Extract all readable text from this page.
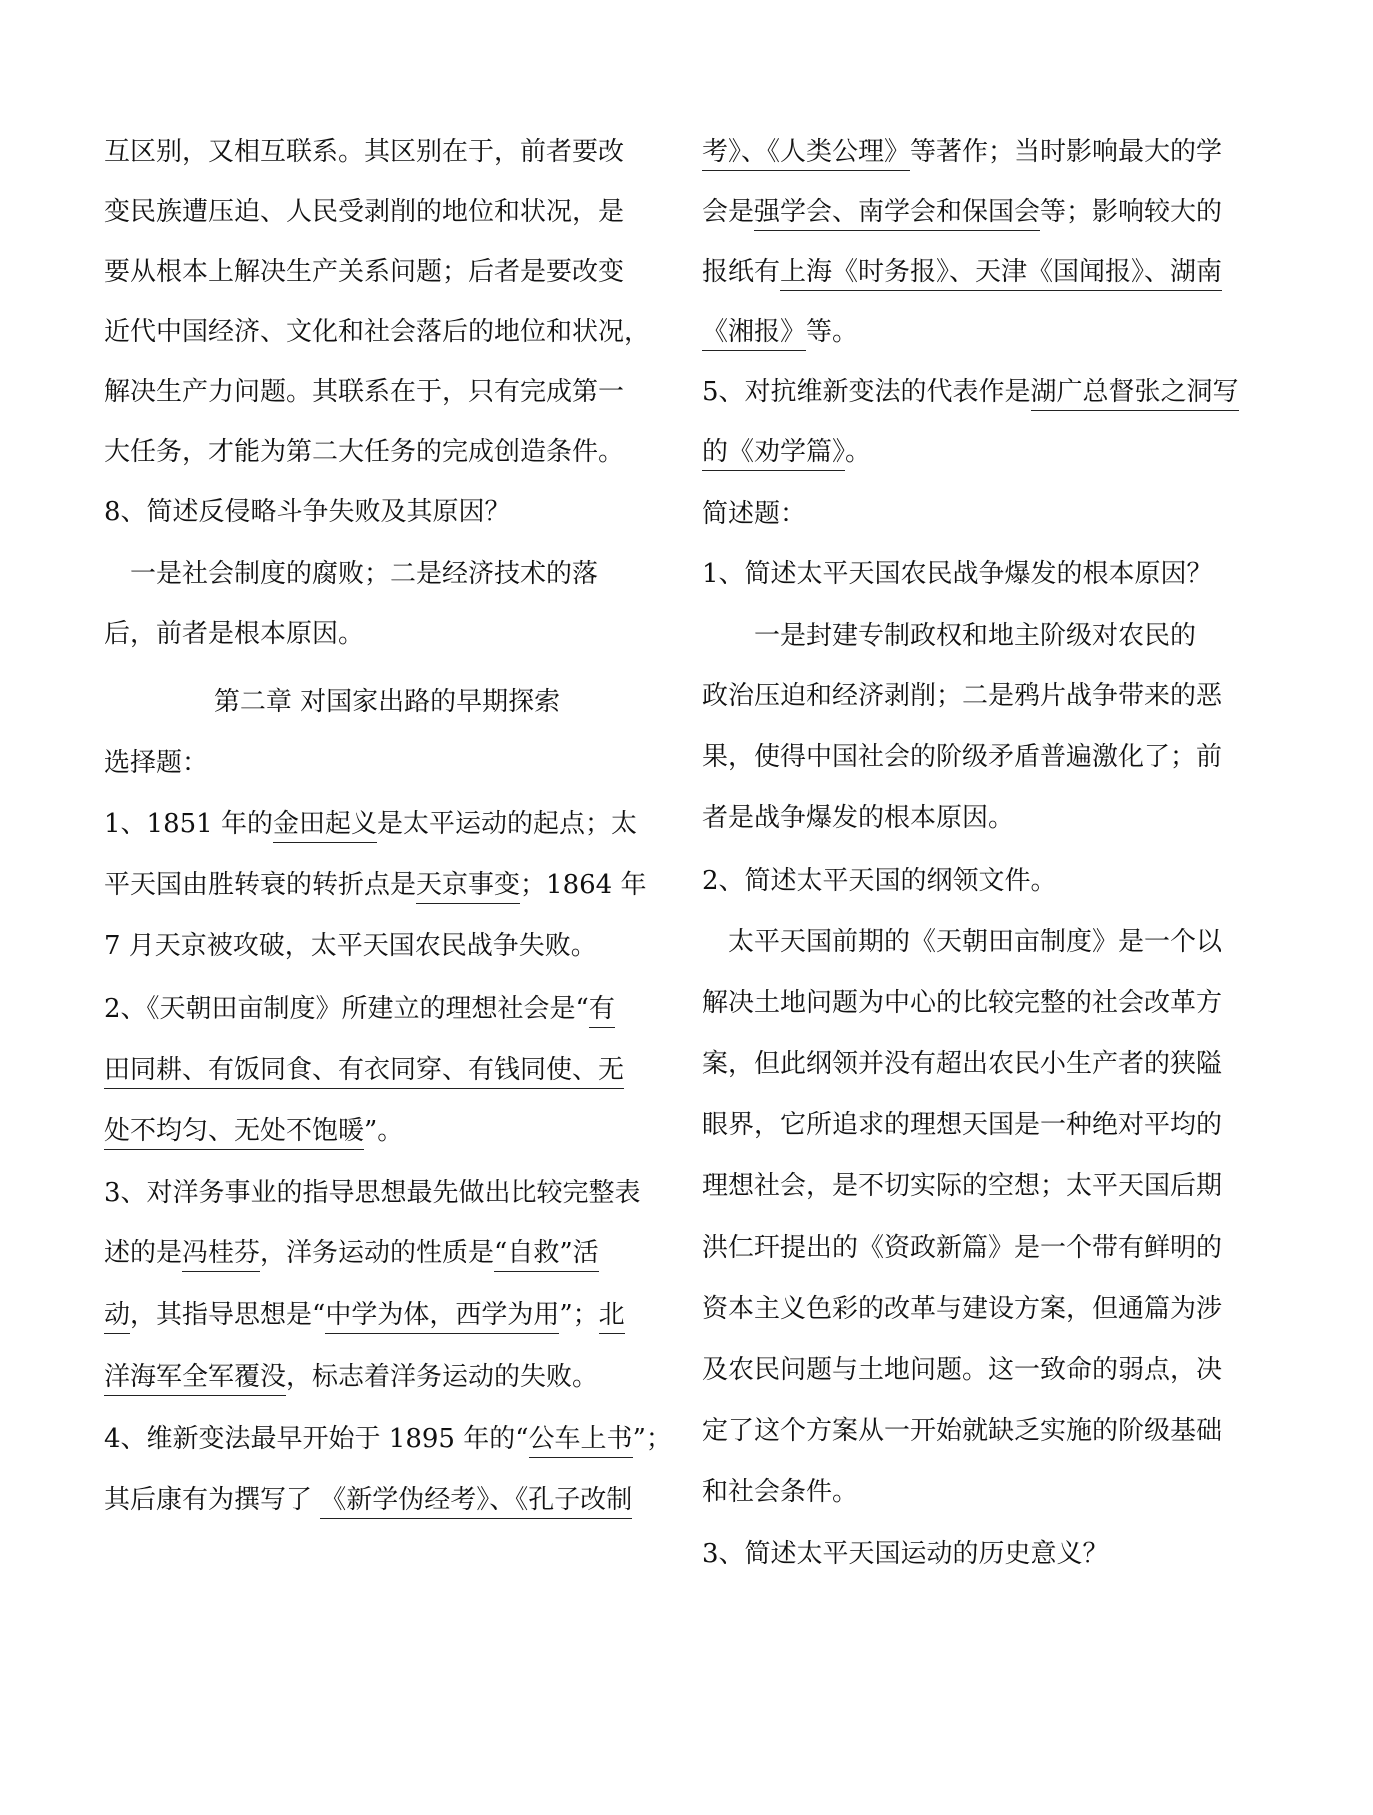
互区别，又相互联系。其区别在于，前者要改
变民族遭压迫、人民受剥削的地位和状况，是
要从根本上解决生产关系问题；后者是要改变
近代中国经济、文化和社会落后的地位和状况，
解决生产力问题。其联系在于，只有完成第一
大任务，才能为第二大任务的完成创造条件。
8、简述反侵略斗争失败及其原因？
　一是社会制度的腐败；二是经济技术的落
后，前者是根本原因。
第二章 对国家出路的早期探索
选择题：
1、1851 年的金田起义是太平运动的起点；太
平天国由胜转衰的转折点是天京事变；1864 年
7 月天京被攻破，太平天国农民战争失败。
2、《天朝田亩制度》所建立的理想社会是“有
田同耕、有饭同食、有衣同穿、有钱同使、无
处不均匀、无处不饱暖”。
3、对洋务事业的指导思想最先做出比较完整表
述的是冯桂芬，洋务运动的性质是“自救”活
动，其指导思想是“中学为体，西学为用”；北
洋海军全军覆没，标志着洋务运动的失败。
4、维新变法最早开始于 1895 年的“公车上书”；
其后康有为撰写了 《新学伪经考》、《孔子改制
考》、《人类公理》等著作；当时影响最大的学
会是强学会、南学会和保国会等；影响较大的
报纸有上海《时务报》、天津《国闻报》、湖南
《湘报》等。
5、对抗维新变法的代表作是湖广总督张之洞写
的《劝学篇》。
简述题：
1、简述太平天国农民战争爆发的根本原因？
　　一是封建专制政权和地主阶级对农民的
政治压迫和经济剥削；二是鸦片战争带来的恶
果，使得中国社会的阶级矛盾普遍激化了；前
者是战争爆发的根本原因。
2、简述太平天国的纲领文件。
　太平天国前期的《天朝田亩制度》是一个以
解决土地问题为中心的比较完整的社会改革方
案，但此纲领并没有超出农民小生产者的狭隘
眼界，它所追求的理想天国是一种绝对平均的
理想社会，是不切实际的空想；太平天国后期
洪仁玕提出的《资政新篇》是一个带有鲜明的
资本主义色彩的改革与建设方案，但通篇为涉
及农民问题与土地问题。这一致命的弱点，决
定了这个方案从一开始就缺乏实施的阶级基础
和社会条件。
3、简述太平天国运动的历史意义？
